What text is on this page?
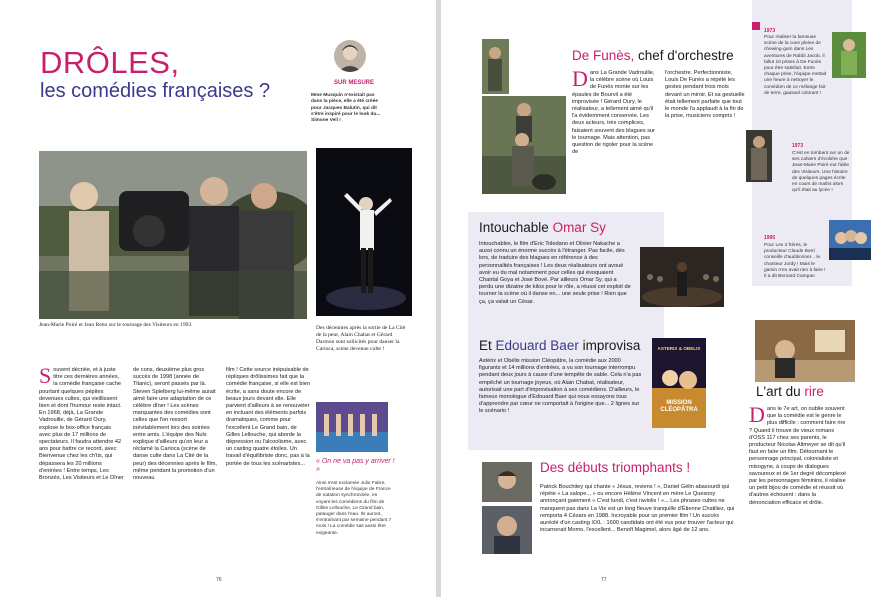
DRÔLES,
les comédies françaises ?	SUR MESURE
Mme Musquin n'existait pas dans la pièce, elle a été créée pour Jacques Balutin, qui dit s'être inspiré pour le look du... Simone Veil !
Jean-Marie Poiré et Jean Reno sur le tournage des Visiteurs en 1993.	Des décennies après la sortie de La Cité de la peur, Alain Chabat et Gérard Darmon sont sollicités pour danser la Carioca, scène devenue culte !
Souvent décriée, et à juste titre ces dernières années, la comédie française cache pourtant quelques pépites devenues cultes, qui vieillissent bien et dont l'humour reste intact. En 1968, déjà, La Grande Vadrouille, de Gérard Oury, explose le box-office français avec plus de 17 millions de spectateurs. Il faudra attendre 42 ans pour battre ce record, avec Bienvenue chez les ch'tis, qui dépassera les 20 millions d'entrées ! Entre temps, Les Bronzés, Les Visiteurs et Le Dîner
de cons, deuxième plus gros succès de 1998 (année de Titanic), seront passés par là. Steven Spielberg lui-même aurait aimé faire une adaptation de ce célèbre dîner ! Les scènes marquantes des comédies sont celles que l'on ressort inévitablement lors des soirées entre amis. L'équipe des Nuls explique d'ailleurs qu'on leur a réclamé la Carioca (scène de danse culte dans La Cité de la peur) des décennies après le film, même pendant la promotion d'un nouveau
film ! Cette source inépuisable de répliques drôlissimes fait que la comédie française, si elle est bien écrite, a sans doute encore de beaux jours devant elle. Elle parvient d'ailleurs à se renouveler en incluant des éléments parfois dramatiques, comme pour l'excellent Le Grand bain, de Gilles Lellouche, qui aborde la dépression ou l'alcoolisme, avec un casting quatre étoiles. Un travail d'équilibriste donc, pas à la portée de tous les scénaristes...	« On ne va pas y arriver ! »
Ainsi s'est exclamée Julie Fabre, l'entraîneuse de l'équipe de France de natation synchronisée, en voyant les comédiens du film de Gilles Lellouche, Le Grand bain, patauger dans l'eau. Ils auront, s'entraînant par semaine pendant 7 mois ! La comédie sait aussi être exigeante.
76
De Funès, chef d'orchestre
Dans La Grande Vadrouille, la célèbre scène où Louis de Funès monte sur les épaules de Bourvil a été improvisée ! Gérard Oury, le réalisateur, a tellement aimé qu'il l'a évidemment conservée. Les deux acteurs, très complices, faisaient souvent des blagues sur le tournage. Mais attention, pas question de rigoler pour la scène de
l'orchestre. Perfectionniste, Louis De Funès a répété les gestes pendant trois mois devant un miroir. Et sa gestuelle était tellement parfaite que tout le monde l'a applaudi à la fin de la prise, musiciens compris !
1973
Pour réaliser la fameuse scène de la cuve pleine de chewing-gum dans Les aventures de Rabbi Jacob, il fallut 10 prises à De Funès pour être satisfait. Entre chaque prise, l'équipe mettait une heure à nettoyer le comédien de ce mélange fait de terre, gaasuel colorant !
1973
C'est en tombant sur un de ses cahiers d'écolière que Jean-Marie Poiré eut l'idée des Visiteurs. Une histoire de quelques pages écrite en cours de maths alors qu'il était au lycée !
1995
Pour Les 3 frères, le producteur Claude Berri conseille d'auditionner... le chanteur Jordy ! Mais le gamin n'en avait rien à faire ! Il a dit Bernard Campan
Intouchable Omar Sy
Intouchables, le film d'Eric Toledano et Olivier Nakache a aussi connu un énorme succès à l'étranger. Pas facile, dès lors, de traduire des blagues en référence à des personnalités françaises ! Les deux réalisateurs ont avoué avoir eu du mal notamment pour celles qui évoquaient Chantal Goya et José Bové. Par ailleurs Omar Sy, qui a perdu une dizaine de kilos pour le rôle, a réussi cet exploit de tourner la scène où il danse en... une seule prise ! Rien que ça, ça valait un César.
Et Edouard Baer improvisa
Astérix et Obélix mission Cléopâtre, la comédie aux 2000 figurants et 14 millions d'entrées, a vu son tournage interrompu pendant deux jours à cause d'une tempête de sable. Cela n'a pas empêché un tournage joyeux, où Alain Chabat, réalisateur, autorisait une part d'improvisation à ses comédiens. D'ailleurs, le fameux monologue d'Edouard Baer qui nous essayons tous d'apprendre par cœur ne comportait à l'origine que... 2 lignes sur le scénario !
ASTERIX & OBELIX
MISSION CLÉOPÂTRA
Des débuts triomphants !
Patrick Bouchitey qui chante « Jésus, reviens ! », Daniel Gélin abasourdi qui répète « La salope... » ou encore Hélène Vincent en mère Le Quesnoy annonçant gaiement « C'est lundi, c'est raviolis ! »... Les phrases cultes ne manquent pas dans La Vie est un long fleuve tranquille d'Étienne Chatiliez, qui remporta 4 Césars en 1988. Incroyable pour un premier film ! Un succès auréolé d'un casting XXL : 1600 candidats ont été vus pour trouver l'acteur qui incarnerait Momo, l'excellent... Benoît Magimel, alors âgé de 12 ans.
L'art du rire
Dans le 7e art, on oublie souvent que la comédie est le genre le plus difficile : comment faire rire ? Quand il trouve de vieux romans d'OSS 117 chez ses parents, le producteur Nicolas Altmeyer se dit qu'il faut en faire un film. Détournant le personnage principal, colonialiste et misogyne, à coups de dialogues savoureux et de 1er degré décomplexé par les personnages féminins, il réalise un petit bijou de comédie et réussit où d'autres échouent : dans la dénonciation efficace et drôle.
77
